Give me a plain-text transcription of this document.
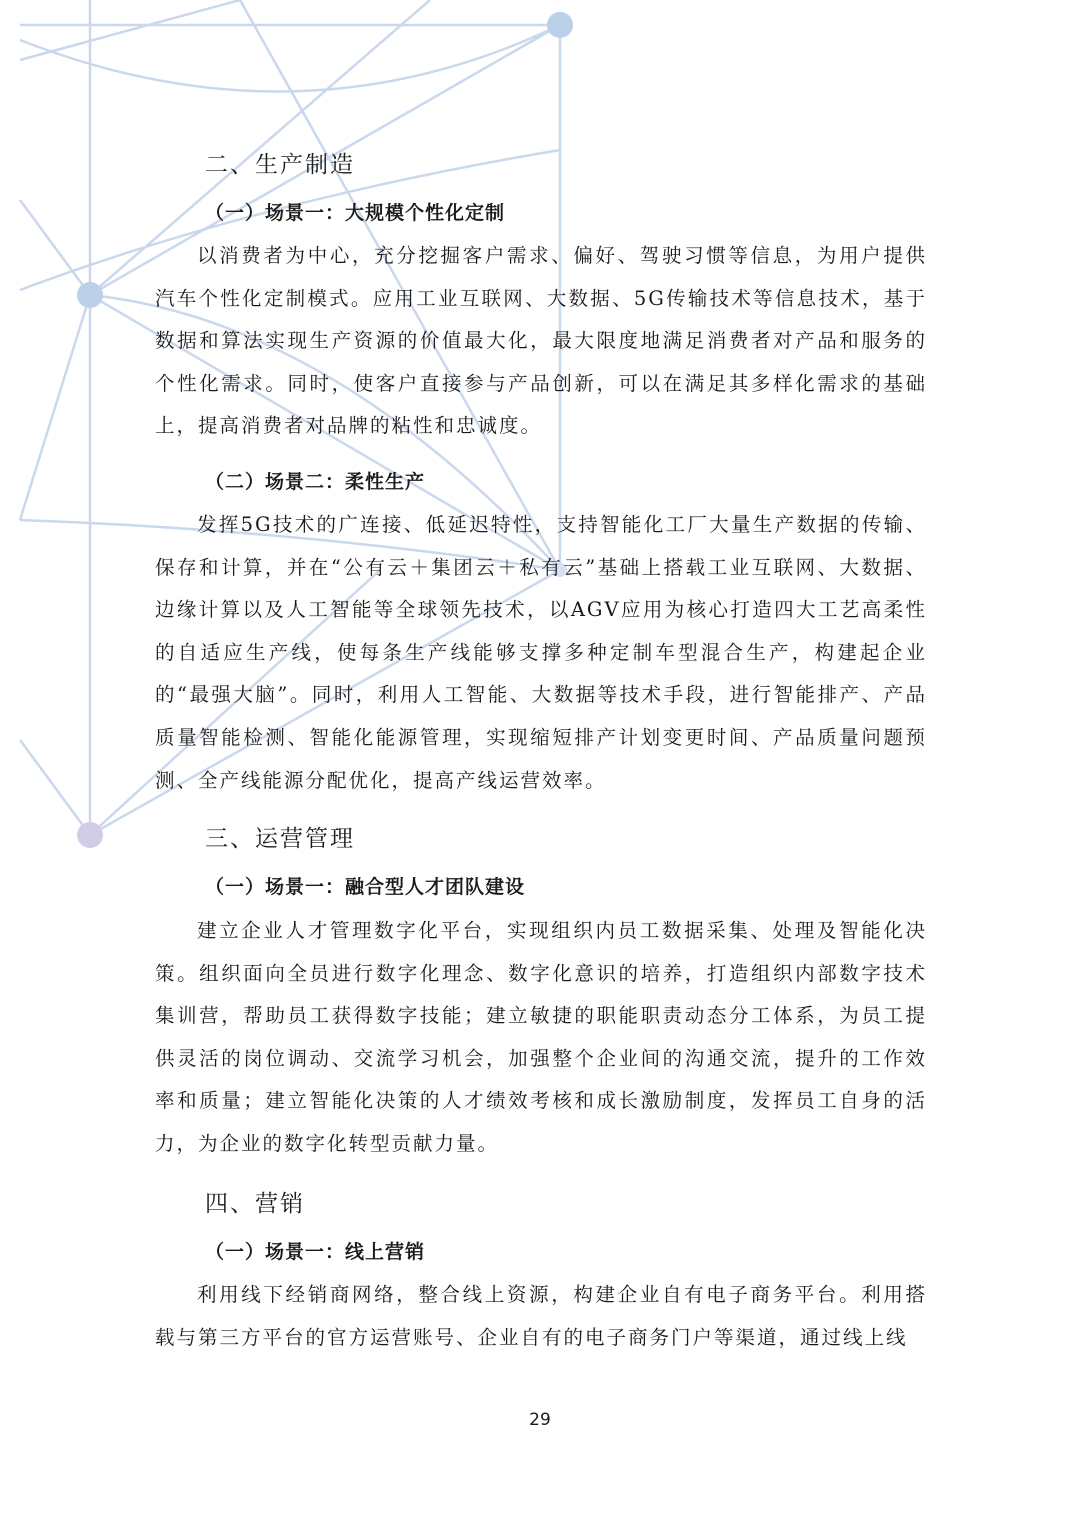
二、生产制造
（一）场景一：大规模个性化定制

以消费者为中心，充分挖掘客户需求、偏好、驾驶习惯等信息，为用户提供汽车个性化定制模式。应用工业互联网、大数据、5G传输技术等信息技术，基于数据和算法实现生产资源的价值最大化，最大限度地满足消费者对产品和服务的个性化需求。同时，使客户直接参与产品创新，可以在满足其多样化需求的基础上，提高消费者对品牌的粘性和忠诚度。

（二）场景二：柔性生产

发挥5G技术的广连接、低延迟特性，支持智能化工厂大量生产数据的传输、保存和计算，并在“公有云＋集团云＋私有云”基础上搭载工业互联网、大数据、边缘计算以及人工智能等全球领先技术，以AGV应用为核心打造四大工艺高柔性的自适应生产线，使每条生产线能够支撑多种定制车型混合生产，构建起企业的“最强大脑”。同时，利用人工智能、大数据等技术手段，进行智能排产、产品质量智能检测、智能化能源管理，实现缩短排产计划变更时间、产品质量问题预测、全产线能源分配优化，提高产线运营效率。

三、运营管理
（一）场景一：融合型人才团队建设

建立企业人才管理数字化平台，实现组织内员工数据采集、处理及智能化决策。组织面向全员进行数字化理念、数字化意识的培养，打造组织内部数字技术集训营，帮助员工获得数字技能；建立敏捷的职能职责动态分工体系，为员工提供灵活的岗位调动、交流学习机会，加强整个企业间的沟通交流，提升的工作效率和质量；建立智能化决策的人才绩效考核和成长激励制度，发挥员工自身的活力，为企业的数字化转型贡献力量。

四、营销
（一）场景一：线上营销

利用线下经销商网络，整合线上资源，构建企业自有电子商务平台。利用搭载与第三方平台的官方运营账号、企业自有的电子商务门户等渠道，通过线上线

29
